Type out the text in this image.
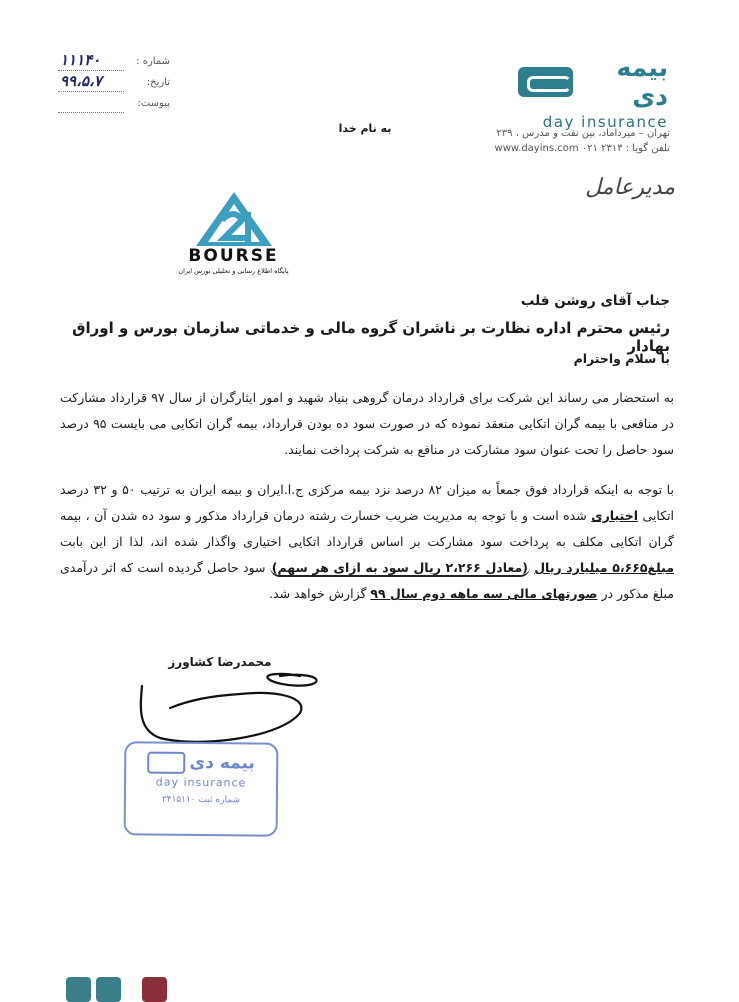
شماره :
۱۱۱۴۰
تاریخ:
۹۹،۵،۷
پیوست:
بیمه دی
day insurance
به نام خدا	تهران – میرداماد، بین نفت و مدرس ، ۲۳۹
تلفن گویا : ۲۳۱۳ ۰۲۱ www.dayins.com
مدیرعامل
BOURSE
پایگاه اطلاع رسانی و تحلیلی بورس ایران
جناب آقای روشن قلب
رئیس محترم اداره نظارت بر ناشران گروه مالی و خدماتی سازمان بورس و اوراق بهادار
با سلام واحترام
به استحضار می رساند این شرکت برای قرارداد درمان گروهی بنیاد شهید و امور ایثارگران از سال ۹۷ قرارداد مشارکت در منافعی با بیمه گران اتکایی منعقد نموده که در صورت سود ده بودن قرارداد، بیمه گران اتکایی می بایست ۹۵ درصد سود حاصل را تحت عنوان سود مشارکت در منافع به شرکت پرداخت نمایند.
با توجه به اینکه قرارداد فوق جمعاً به میزان ۸۲ درصد نزد بیمه مرکزی ج.ا.ایران و بیمه ایران به ترتیب ۵۰ و ۳۲ درصد اتکایی اختیاری شده است و با توجه به مدیریت ضریب خسارت رشته درمان قرارداد مذکور و سود ده شدن آن ، بیمه گران اتکایی مکلف به پرداخت سود مشارکت بر اساس قرارداد اتکایی اختیاری واگذار شده اند، لذا از این بابت مبلغ۵،۶۶۵ میلیارد ریال (معادل ۲،۲۶۶ ریال سود به ازای هر سهم) سود حاصل گردیده است که اثر درآمدی مبلغ مذکور در صورتهای مالی سه ماهه دوم سال ۹۹ گزارش خواهد شد.
محمدرضا کشاورز
بیمه دی
day insurance
شماره ثبت ۲۴۱۵۱۱۰
